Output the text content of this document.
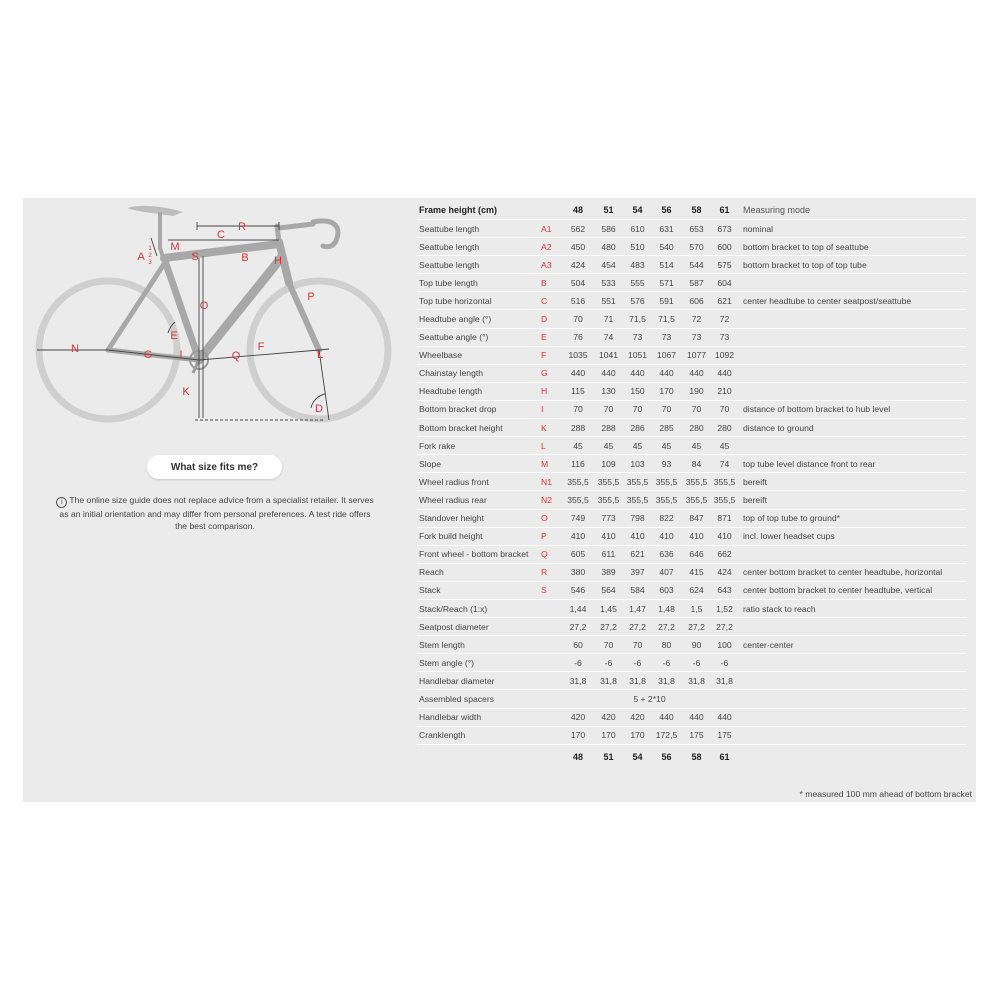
R
C
M
A
1
2
3	B H
S
O
P
E
N	G I	Q
F
L
K
D
What size fits me?
i The online size guide does not replace advice from a specialist retailer. It serves as an initial orientation and may differ from personal preferences. A test ride offers the best comparison.
Frame height (cm)		48	51	54	56	58	61	Measuring mode
Seattube length	A1	562	586	610	631	653	673	nominal
Seattube length	A2	450	480	510	540	570	600	bottom bracket to top of seattube
Seattube length	A3	424	454	483	514	544	575	bottom bracket to top of top tube
Top tube length	B	504	533	555	571	587	604	
Top tube horizontal	C	516	551	576	591	606	621	center headtube to center seatpost/seattube
Headtube angle (°)	D	70	71	71,5	71,5	72	72	
Seattube angle (°)	E	76	74	73	73	73	73	
Wheelbase	F	1035	1041	1051	1067	1077	1092	
Chainstay length	G	440	440	440	440	440	440	
Headtube length	H	115	130	150	170	190	210	
Bottom bracket drop	I	70	70	70	70	70	70	distance of bottom bracket to hub level
Bottom bracket height	K	288	288	286	285	280	280	distance to ground
Fork rake	L	45	45	45	45	45	45	
Slope	M	116	109	103	93	84	74	top tube level distance front to rear
Wheel radius front	N1	355,5	355,5	355,5	355,5	355,5	355,5	bereift
Wheel radius rear	N2	355,5	355,5	355,5	355,5	355,5	355,5	bereift
Standover height	O	749	773	798	822	847	871	top of top tube to ground*
Fork build height	P	410	410	410	410	410	410	incl. lower headset cups
Front wheel - bottom bracket	Q	605	611	621	636	646	662	
Reach	R	380	389	397	407	415	424	center bottom bracket to center headtube, horizontal
Stack	S	546	564	584	603	624	643	center bottom bracket to center headtube, vertical
Stack/Reach (1:x)		1,44	1,45	1,47	1,48	1,5	1,52	ratio stack to reach
Seatpost diameter		27,2	27,2	27,2	27,2	27,2	27,2	
Stem length		60	70	70	80	90	100	center-center
Stem angle (°)		-6	-6	-6	-6	-6	-6	
Handlebar diameter		31,8	31,8	31,8	31,8	31,8	31,8	
Assembled spacers		5 + 2*10						
Handlebar width		420	420	420	440	440	440	
Cranklength		170	170	170	172,5	175	175	
		48	51	54	56	58	61	
* measured 100 mm ahead of bottom bracket
